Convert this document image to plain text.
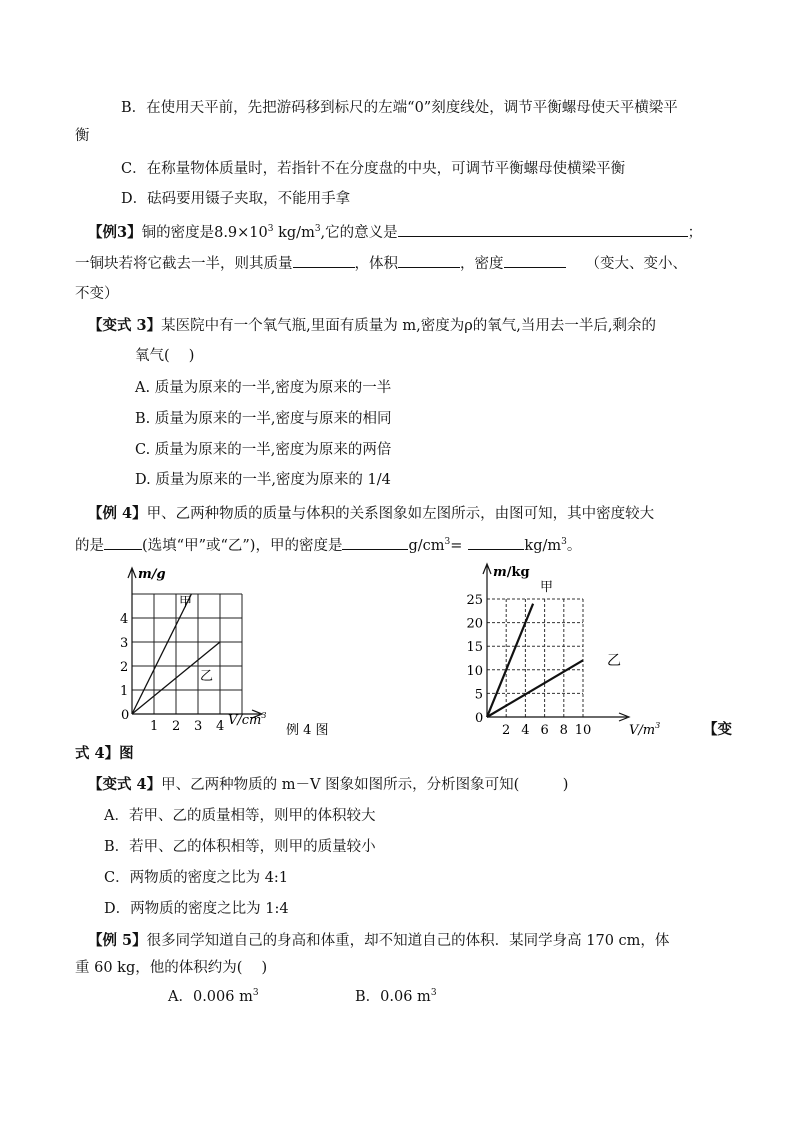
B．在使用天平前，先把游码移到标尺的左端“0”刻度线处，调节平衡螺母使天平横梁平
衡
C．在称量物体质量时，若指针不在分度盘的中央，可调节平衡螺母使横梁平衡
D．砝码要用镊子夹取，不能用手拿
【例3】铜的密度是$8.9\times 10^3$ $kg/m^3$,它的意义是	；
一铜块若将它截去一半，则其质量	，体积	，密度	（变大、变小、
不变）
【变式 3】某医院中有一个氧气瓶,里面有质量为 m,密度为ρ的氧气,当用去一半后,剩余的
氧气(　 )
A. 质量为原来的一半,密度为原来的一半
B. 质量为原来的一半,密度与原来的相同
C. 质量为原来的一半,密度为原来的两倍
D. 质量为原来的一半,密度为原来的 1/4
【例 4】甲、乙两种物质的质量与体积的关系图象如左图所示，由图可知，其中密度较大
的是	(选填“甲”或“乙”)，甲的密度是	$g/cm^3=$	$kg/m^3$。
m/g
1
2
3
4
1 2 3 4
0	$V/cm^3$
甲
乙
例 4 图
m/kg
5
10
15
20
25
2 4 6 8 10
0
$V/m^3$
甲
乙
【变
式 4】图
【变式 4】甲、乙两种物质的 m－V 图象如图所示，分析图象可知(　　　)
A．若甲、乙的质量相等，则甲的体积较大
B．若甲、乙的体积相等，则甲的质量较小
C．两物质的密度之比为 4:1
D．两物质的密度之比为 1:4
【例 5】很多同学知道自己的身高和体重，却不知道自己的体积．某同学身高 170 cm，体
重 60 kg，他的体积约为(　 )
A．0.006 $m^3$	B．0.06 $m^3$
